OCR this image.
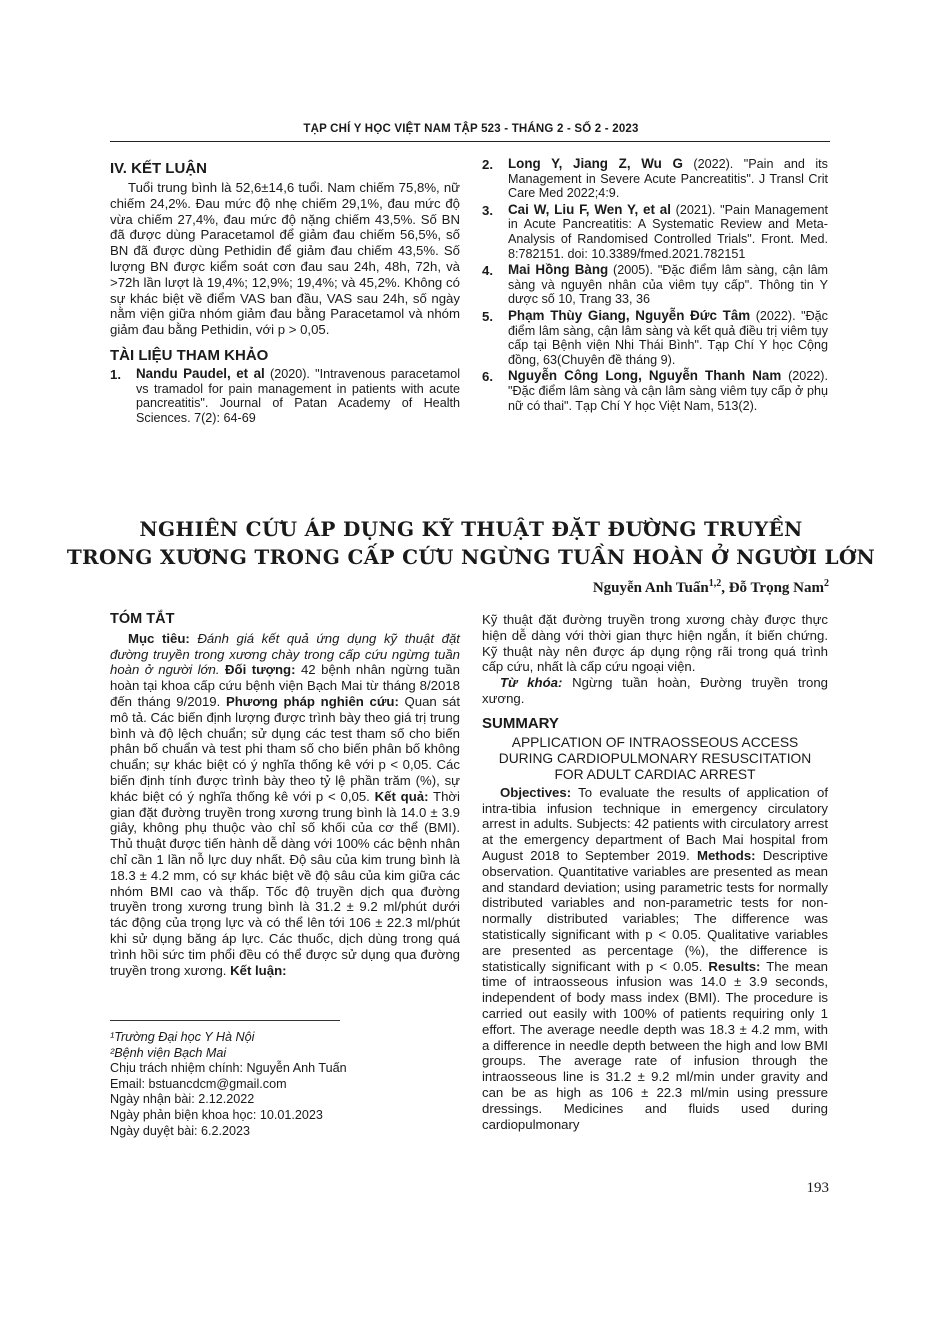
TẠP CHÍ Y HỌC VIỆT NAM TẬP 523 - THÁNG 2 - SỐ 2 - 2023
IV. KẾT LUẬN

Tuổi trung bình là 52,6±14,6 tuổi. Nam chiếm 75,8%, nữ chiếm 24,2%. Đau mức độ nhẹ chiếm 29,1%, đau mức độ vừa chiếm 27,4%, đau mức độ nặng chiếm 43,5%. Số BN đã được dùng Paracetamol để giảm đau chiếm 56,5%, số BN đã được dùng Pethidin để giảm đau chiếm 43,5%. Số lượng BN được kiểm soát cơn đau sau 24h, 48h, 72h, và >72h lần lượt là 19,4%; 12,9%; 19,4%; và 45,2%. Không có sự khác biệt về điểm VAS ban đầu, VAS sau 24h, số ngày nằm viện giữa nhóm giảm đau bằng Paracetamol và nhóm giảm đau bằng Pethidin, với p > 0,05.

TÀI LIỆU THAM KHẢO
1.	Nandu Paudel, et al (2020). "Intravenous paracetamol vs tramadol for pain management in patients with acute pancreatitis". Journal of Patan Academy of Health Sciences. 7(2): 64-69
2.	Long Y, Jiang Z, Wu G (2022). "Pain and its Management in Severe Acute Pancreatitis". J Transl Crit Care Med 2022;4:9.
3.	Cai W, Liu F, Wen Y, et al (2021). "Pain Management in Acute Pancreatitis: A Systematic Review and Meta-Analysis of Randomised Controlled Trials". Front. Med. 8:782151. doi: 10.3389/fmed.2021.782151
4.	Mai Hồng Bàng (2005). "Đặc điểm lâm sàng, cận lâm sàng và nguyên nhân của viêm tụy cấp". Thông tin Y dược số 10, Trang 33, 36
5.	Phạm Thùy Giang, Nguyễn Đức Tâm (2022). "Đặc điểm lâm sàng, cận lâm sàng và kết quả điều trị viêm tụy cấp tại Bệnh viện Nhi Thái Bình". Tạp Chí Y học Cộng đồng, 63(Chuyên đề tháng 9).
6.	Nguyễn Công Long, Nguyễn Thanh Nam (2022). "Đặc điểm lâm sàng và cận lâm sàng viêm tụy cấp ở phụ nữ có thai". Tạp Chí Y học Việt Nam, 513(2).
NGHIÊN CỨU ÁP DỤNG KỸ THUẬT ĐẶT ĐƯỜNG TRUYỀN
TRONG XƯƠNG TRONG CẤP CỨU NGỪNG TUẦN HOÀN Ở NGƯỜI LỚN
Nguyễn Anh Tuấn$^{1,2}$, Đỗ Trọng Nam$^2$
TÓM TẮT

Mục tiêu: Đánh giá kết quả ứng dụng kỹ thuật đặt đường truyền trong xương chày trong cấp cứu ngừng tuần hoàn ở người lớn. Đối tượng: 42 bệnh nhân ngừng tuần hoàn tại khoa cấp cứu bệnh viện Bạch Mai từ tháng 8/2018 đến tháng 9/2019. Phương pháp nghiên cứu: Quan sát mô tả. Các biến định lượng được trình bày theo giá trị trung bình và độ lệch chuẩn; sử dụng các test tham số cho biến phân bố chuẩn và test phi tham số cho biến phân bố không chuẩn; sự khác biệt có ý nghĩa thống kê với p < 0,05. Các biến định tính được trình bày theo tỷ lệ phần trăm (%), sự khác biệt có ý nghĩa thống kê với p < 0,05. Kết quả: Thời gian đặt đường truyền trong xương trung bình là 14.0 ± 3.9 giây, không phụ thuộc vào chỉ số khối của cơ thể (BMI). Thủ thuật được tiến hành dễ dàng với 100% các bệnh nhân chỉ cần 1 lần nỗ lực duy nhất. Độ sâu của kim trung bình là 18.3 ± 4.2 mm, có sự khác biệt về độ sâu của kim giữa các nhóm BMI cao và thấp. Tốc độ truyền dịch qua đường truyền trong xương trung bình là 31.2 ± 9.2 ml/phút dưới tác động của trọng lực và có thể lên tới 106 ± 22.3 ml/phút khi sử dụng băng áp lực. Các thuốc, dịch dùng trong quá trình hồi sức tim phổi đều có thể được sử dụng qua đường truyền trong xương. Kết luận:

Kỹ thuật đặt đường truyền trong xương chày được thực hiện dễ dàng với thời gian thực hiện ngắn, ít biến chứng. Kỹ thuật này nên được áp dụng rộng rãi trong quá trình cấp cứu, nhất là cấp cứu ngoại viện.

Từ khóa: Ngừng tuần hoàn, Đường truyền trong xương.

SUMMARY
APPLICATION OF INTRAOSSEOUS ACCESS
DURING CARDIOPULMONARY RESUSCITATION
FOR ADULT CARDIAC ARREST

Objectives: To evaluate the results of application of intra-tibia infusion technique in emergency circulatory arrest in adults. Subjects: 42 patients with circulatory arrest at the emergency department of Bach Mai hospital from August 2018 to September 2019. Methods: Descriptive observation. Quantitative variables are presented as mean and standard deviation; using parametric tests for normally distributed variables and non-parametric tests for non-normally distributed variables; The difference was statistically significant with p < 0.05. Qualitative variables are presented as percentage (%), the difference is statistically significant with p < 0.05. Results: The mean time of intraosseous infusion was 14.0 ± 3.9 seconds, independent of body mass index (BMI). The procedure is carried out easily with 100% of patients requiring only 1 effort. The average needle depth was 18.3 ± 4.2 mm, with a difference in needle depth between the high and low BMI groups. The average rate of infusion through the intraosseous line is 31.2 ± 9.2 ml/min under gravity and can be as high as 106 ± 22.3 ml/min using pressure dressings. Medicines and fluids used during cardiopulmonary

¹Trường Đại học Y Hà Nội
²Bệnh viện Bạch Mai
Chịu trách nhiệm chính: Nguyễn Anh Tuấn
Email: bstuancdcm@gmail.com
Ngày nhận bài: 2.12.2022
Ngày phản biện khoa học: 10.01.2023
Ngày duyệt bài: 6.2.2023
193
